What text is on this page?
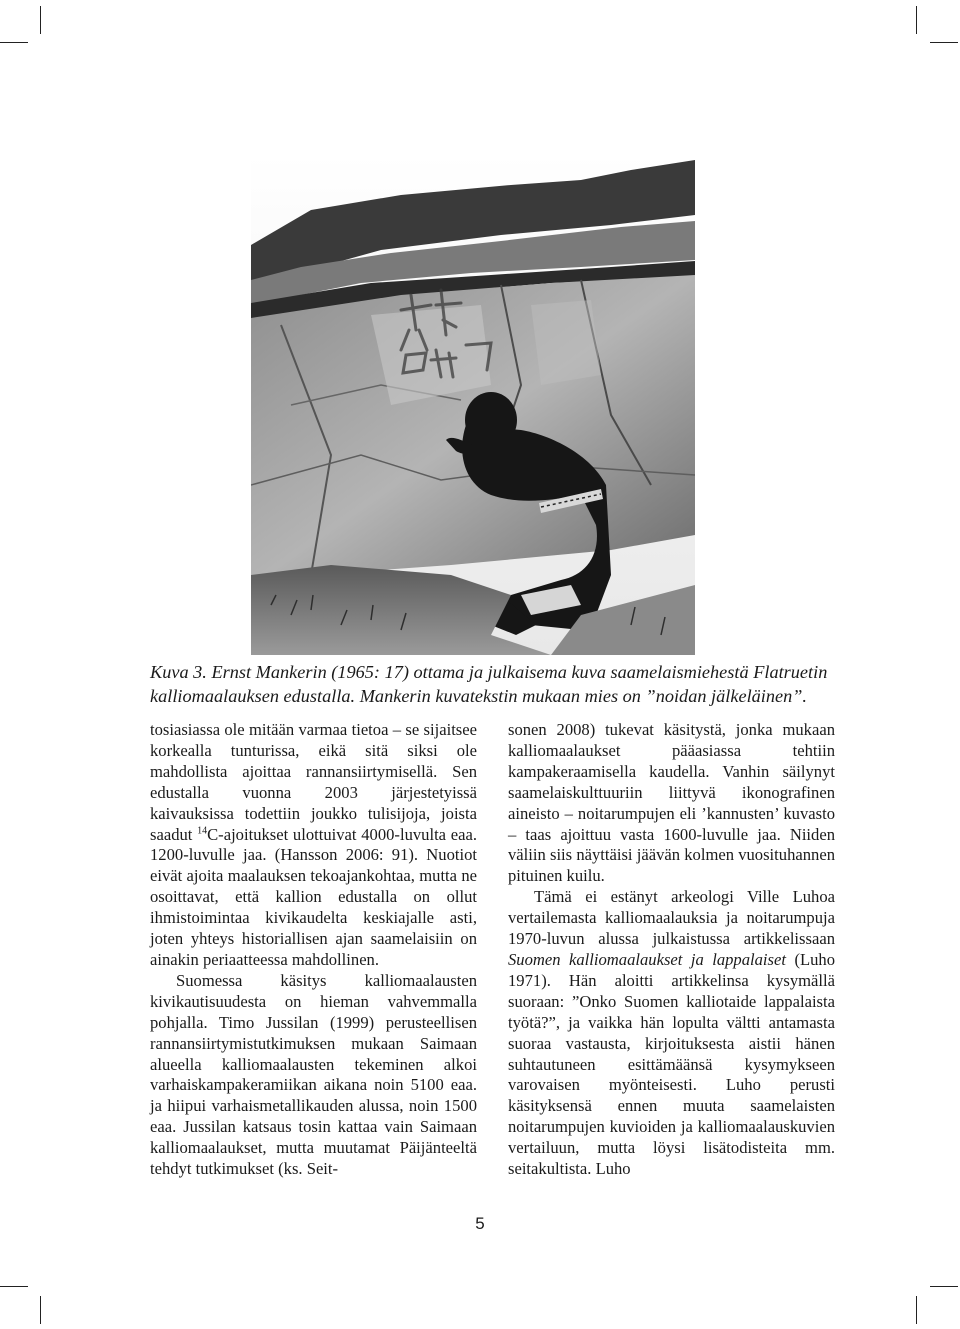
Kuva 3. Ernst Mankerin (1965: 17) ottama ja julkaisema kuva saamelaismiehestä Flatruetin kalliomaalauksen edustalla. Mankerin kuvatekstin mukaan mies on ”noidan jälkeläinen”.

tosiasiassa ole mitään varmaa tietoa – se sijaitsee korkealla tunturissa, eikä sitä siksi ole mahdollista ajoittaa rannansiirtymisellä. Sen edustalla vuonna 2003 järjestetyissä kaivauksissa todettiin joukko tulisijoja, joista saadut $^{14}$C-ajoitukset ulottuivat 4000-luvulta eaa. 1200-luvulle jaa. (Hansson 2006: 91). Nuotiot eivät ajoita maalauksen tekoajankohtaa, mutta ne osoittavat, että kallion edustalla on ollut ihmistoimintaa kivikaudelta keskiajalle asti, joten yhteys historiallisen ajan saamelaisiin on ainakin periaatteessa mahdollinen.

Suomessa käsitys kalliomaalausten kivikautisuudesta on hieman vahvemmalla pohjalla. Timo Jussilan (1999) perusteellisen rannansiirtymistutkimuksen mukaan Saimaan alueella kalliomaalausten tekeminen alkoi varhaiskampakeramiikan aikana noin 5100 eaa. ja hiipui varhaismetallikauden alussa, noin 1500 eaa. Jussilan katsaus tosin kattaa vain Saimaan kalliomaalaukset, mutta muutamat Päijänteeltä tehdyt tutkimukset (ks. Seit-

sonen 2008) tukevat käsitystä, jonka mukaan kalliomaalaukset pääasiassa tehtiin kampakeraamisella kaudella. Vanhin säilynyt saamelaiskulttuuriin liittyvä ikonografinen aineisto – noitarumpujen eli ’kannusten’ kuvasto – taas ajoittuu vasta 1600-luvulle jaa. Niiden väliin siis näyttäisi jäävän kolmen vuosituhannen pituinen kuilu.

Tämä ei estänyt arkeologi Ville Luhoa vertailemasta kalliomaalauksia ja noitarumpuja 1970-luvun alussa julkaistussa artikkelissaan Suomen kalliomaalaukset ja lappalaiset (Luho 1971). Hän aloitti artikkelinsa kysymällä suoraan: ”Onko Suomen kalliotaide lappalaista työtä?”, ja vaikka hän lopulta vältti antamasta suoraa vastausta, kirjoituksesta aistii hänen suhtautuneen esittämäänsä kysymykseen varovaisen myönteisesti. Luho perusti käsityksensä ennen muuta saamelaisten noitarumpujen kuvioiden ja kalliomaalauskuvien vertailuun, mutta löysi lisätodisteita mm. seitakultista. Luho

5
